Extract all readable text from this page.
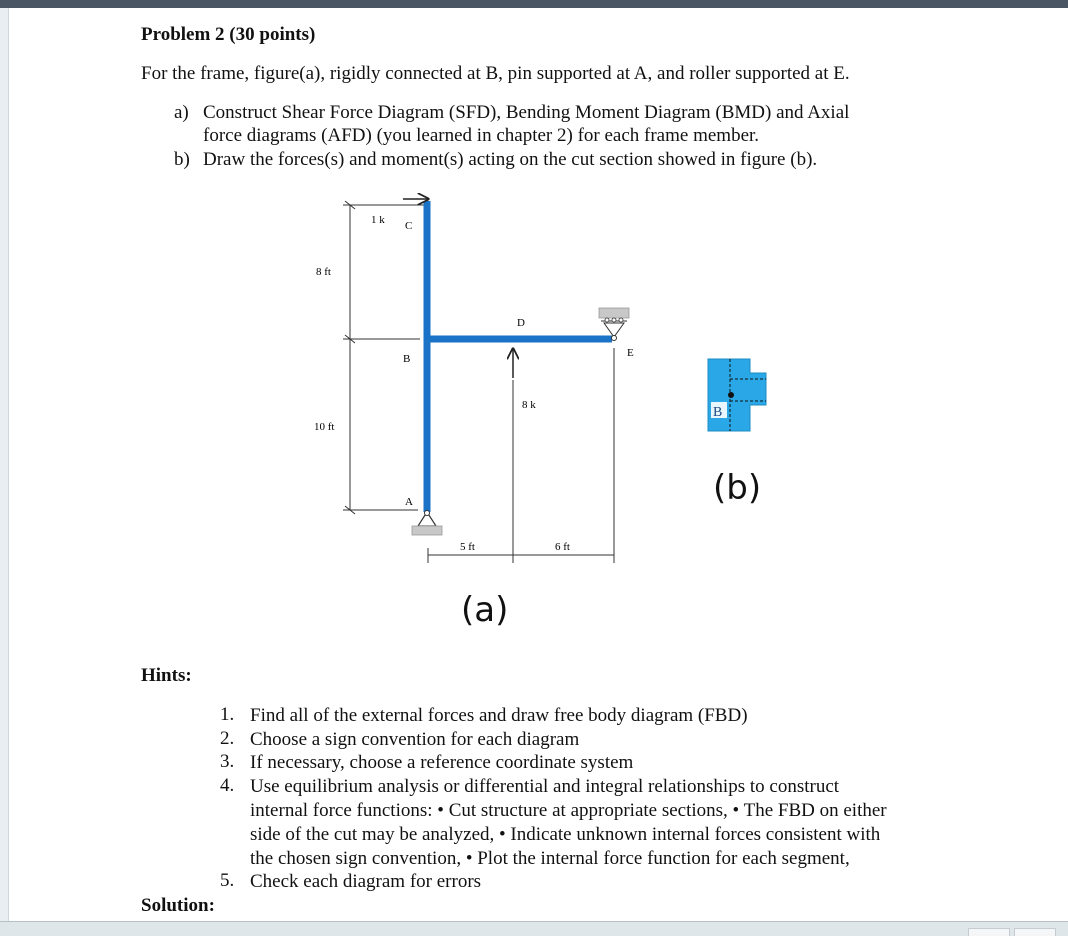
Problem 2 (30 points)
For the frame, figure(a), rigidly connected at B, pin supported at A, and roller supported at E.
a) Construct Shear Force Diagram (SFD), Bending Moment Diagram (BMD) and Axial
force diagrams (AFD) (you learned in chapter 2) for each frame member.
b) Draw the forces(s) and moment(s) acting on the cut section showed in figure (b).
1 k C
B
A
D
E
8 k
8 ft
10 ft
5 ft	6 ft
(a)
B
(b)
Hints:
1. Find all of the external forces and draw free body diagram (FBD)
2. Choose a sign convention for each diagram
3. If necessary, choose a reference coordinate system
4. Use equilibrium analysis or differential and integral relationships to construct
internal force functions: • Cut structure at appropriate sections, • The FBD on either
side of the cut may be analyzed, • Indicate unknown internal forces consistent with
the chosen sign convention, • Plot the internal force function for each segment,
5. Check each diagram for errors
Solution:
